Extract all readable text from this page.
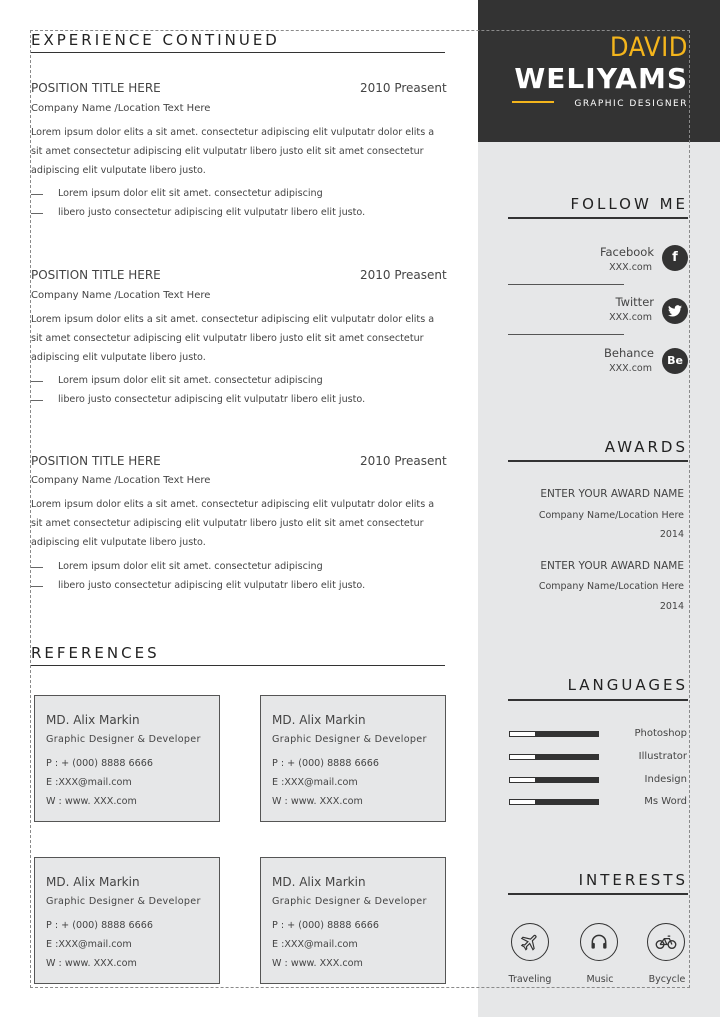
DAVID
WELIYAMS
GRAPHIC DESIGNER
EXPERIENCE CONTINUED
POSITION TITLE HERE	2010 Preasent
Company Name /Location Text Here
Lorem ipsum dolor elits a sit amet. consectetur adipiscing elit vulputatr dolor elits a
sit amet consectetur adipiscing elit vulputatr libero justo elit sit amet consectetur
adipiscing elit vulputate libero justo.
Lorem ipsum dolor elit sit amet. consectetur adipiscing
libero justo consectetur adipiscing elit vulputatr libero elit justo.
POSITION TITLE HERE	2010 Preasent
Company Name /Location Text Here
Lorem ipsum dolor elits a sit amet. consectetur adipiscing elit vulputatr dolor elits a
sit amet consectetur adipiscing elit vulputatr libero justo elit sit amet consectetur
adipiscing elit vulputate libero justo.
Lorem ipsum dolor elit sit amet. consectetur adipiscing
libero justo consectetur adipiscing elit vulputatr libero elit justo.
POSITION TITLE HERE	2010 Preasent
Company Name /Location Text Here
Lorem ipsum dolor elits a sit amet. consectetur adipiscing elit vulputatr dolor elits a
sit amet consectetur adipiscing elit vulputatr libero justo elit sit amet consectetur
adipiscing elit vulputate libero justo.
Lorem ipsum dolor elit sit amet. consectetur adipiscing
libero justo consectetur adipiscing elit vulputatr libero elit justo.
REFERENCES
MD. Alix Markin
Graphic Designer & Developer
P : + (000) 8888 6666
E :XXX@mail.com
W : www. XXX.com
MD. Alix Markin
Graphic Designer & Developer
P : + (000) 8888 6666
E :XXX@mail.com
W : www. XXX.com
MD. Alix Markin
Graphic Designer & Developer
P : + (000) 8888 6666
E :XXX@mail.com
W : www. XXX.com
MD. Alix Markin
Graphic Designer & Developer
P : + (000) 8888 6666
E :XXX@mail.com
W : www. XXX.com
FOLLOW ME
Facebook
XXX.com
f
Twitter
XXX.com
Behance
XXX.com
Be
AWARDS
ENTER YOUR AWARD NAME
Company Name/Location Here
2014
ENTER YOUR AWARD NAME
Company Name/Location Here
2014
LANGUAGES
Photoshop
Illustrator
Indesign
Ms Word
INTERESTS
Traveling	Music	Bycycle
